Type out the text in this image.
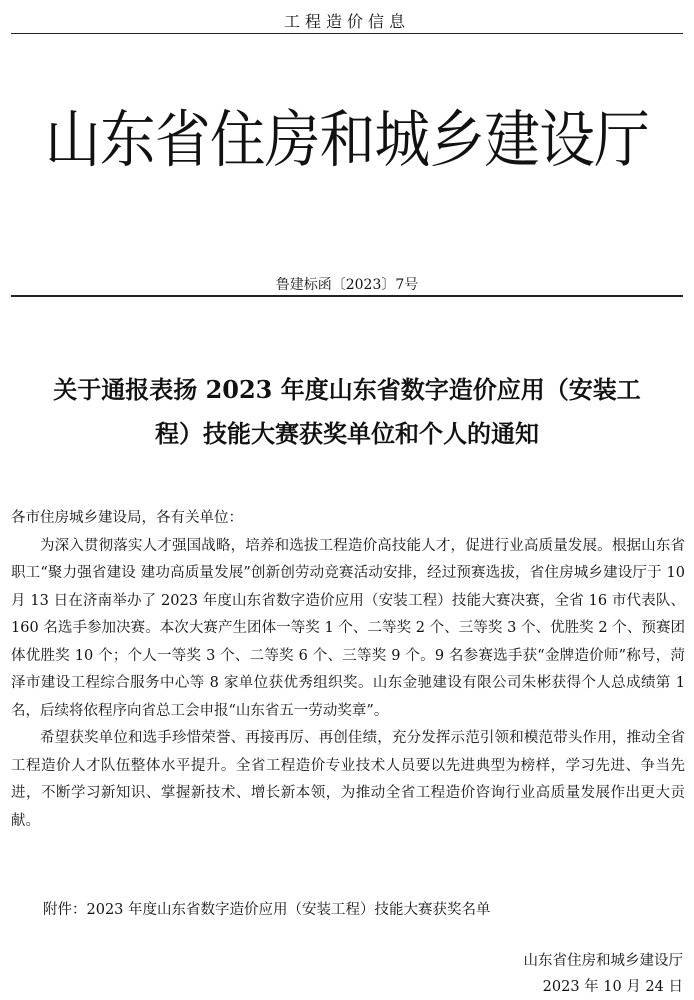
工程造价信息
山东省住房和城乡建设厅
鲁建标函〔2023〕7号
关于通报表扬 2023 年度山东省数字造价应用（安装工
程）技能大赛获奖单位和个人的通知

各市住房城乡建设局，各有关单位：

为深入贯彻落实人才强国战略，培养和选拔工程造价高技能人才，促进行业高质量发展。根据山东省职工“聚力强省建设 建功高质量发展”创新创劳动竞赛活动安排，经过预赛选拔，省住房城乡建设厅于 10 月 13 日在济南举办了 2023 年度山东省数字造价应用（安装工程）技能大赛决赛，全省 16 市代表队、160 名选手参加决赛。本次大赛产生团体一等奖 1 个、二等奖 2 个、三等奖 3 个、优胜奖 2 个、预赛团体优胜奖 10 个；个人一等奖 3 个、二等奖 6 个、三等奖 9 个。9 名参赛选手获“金牌造价师”称号，菏泽市建设工程综合服务中心等 8 家单位获优秀组织奖。山东金驰建设有限公司朱彬获得个人总成绩第 1 名，后续将依程序向省总工会申报“山东省五一劳动奖章”。

希望获奖单位和选手珍惜荣誉、再接再厉、再创佳绩，充分发挥示范引领和模范带头作用，推动全省工程造价人才队伍整体水平提升。全省工程造价专业技术人员要以先进典型为榜样，学习先进、争当先进，不断学习新知识、掌握新技术、增长新本领，为推动全省工程造价咨询行业高质量发展作出更大贡献。

附件：2023 年度山东省数字造价应用（安装工程）技能大赛获奖名单
山东省住房和城乡建设厅
2023 年 10 月 24 日
